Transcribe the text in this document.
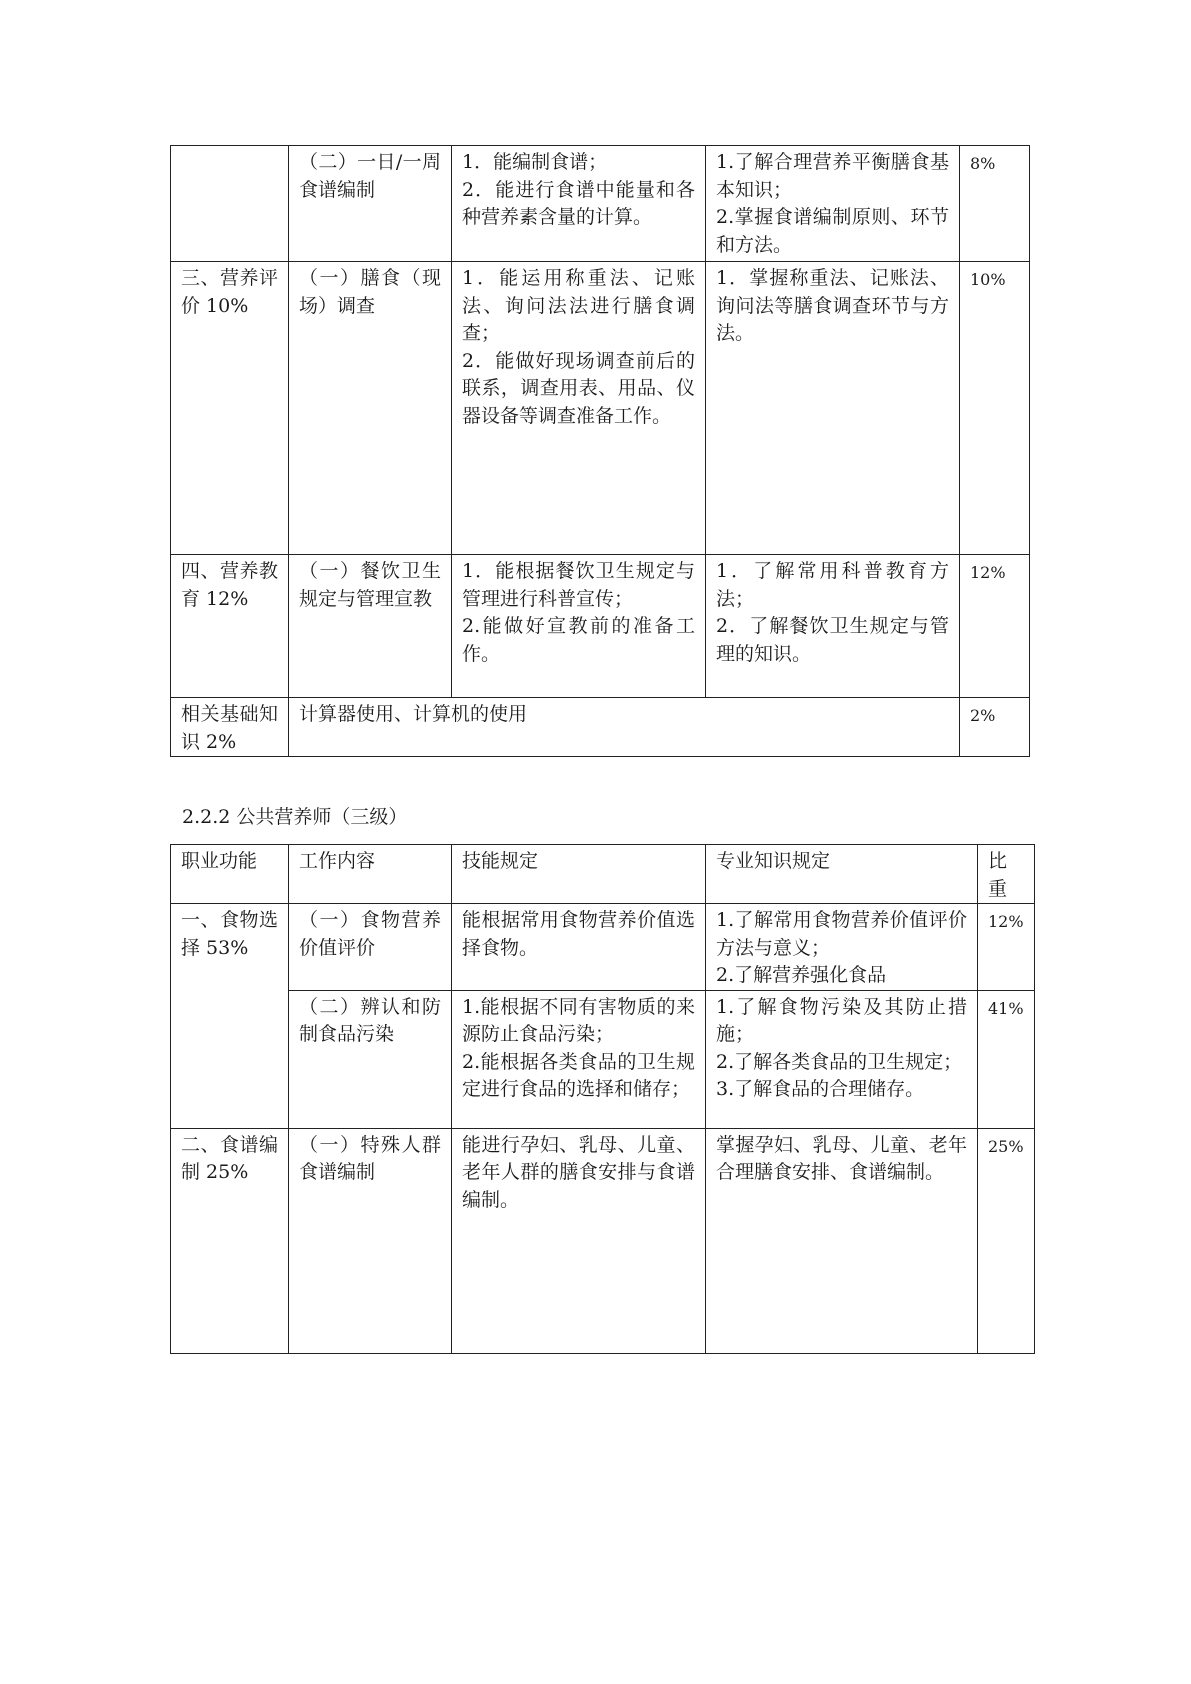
	（二）一日/一周食谱编制	1．能编制食谱；
2．能进行食谱中能量和各种营养素含量的计算。	1.了解合理营养平衡膳食基本知识；
2.掌握食谱编制原则、环节和方法。	8%
三、营养评价 10%	（一）膳食（现场）调查	1．能运用称重法、记账法、询问法法进行膳食调查；
2．能做好现场调查前后的联系，调查用表、用品、仪器设备等调查准备工作。	1．掌握称重法、记账法、询问法等膳食调查环节与方法。	10%
四、营养教育 12%	（一）餐饮卫生规定与管理宣教	1．能根据餐饮卫生规定与管理进行科普宣传；
2.能做好宣教前的准备工作。	1．了解常用科普教育方法；
2．了解餐饮卫生规定与管理的知识。	12%
相关基础知识 2%	计算器使用、计算机的使用			2%
2.2.2 公共营养师（三级）
职业功能	工作内容	技能规定	专业知识规定	比重
一、食物选择 53%	（一）食物营养价值评价	能根据常用食物营养价值选择食物。	1.了解常用食物营养价值评价方法与意义；
2.了解营养强化食品	12%
	（二）辨认和防制食品污染	1.能根据不同有害物质的来源防止食品污染；
2.能根据各类食品的卫生规定进行食品的选择和储存；	1.了解食物污染及其防止措施；
2.了解各类食品的卫生规定；
3.了解食品的合理储存。	41%
二、食谱编制 25%	（一）特殊人群食谱编制	能进行孕妇、乳母、儿童、老年人群的膳食安排与食谱编制。	掌握孕妇、乳母、儿童、老年合理膳食安排、食谱编制。	25%
